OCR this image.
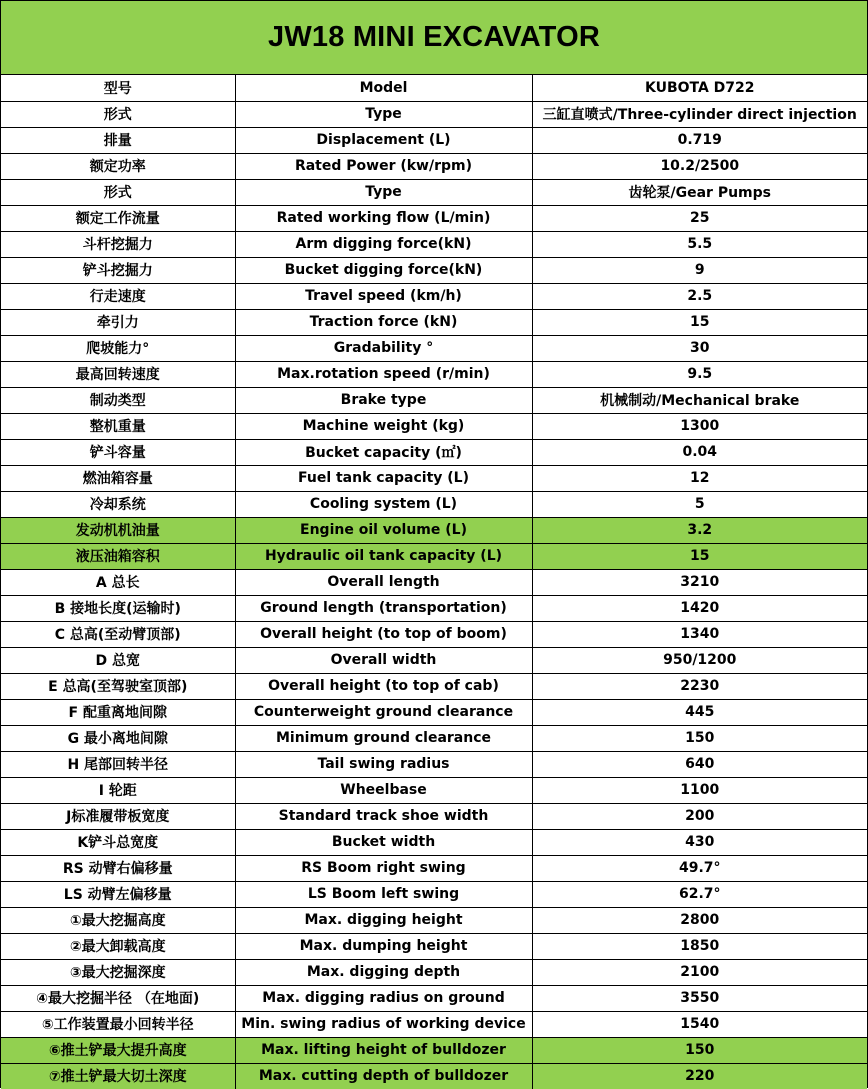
JW18 MINI EXCAVATOR
型号	Model	KUBOTA D722
形式	Type	三缸直喷式/Three-cylinder direct injection
排量	Displacement (L)	0.719
额定功率	Rated Power (kw/rpm)	10.2/2500
形式	Type	齿轮泵/Gear Pumps
额定工作流量	Rated working flow (L/min)	25
斗杆挖掘力	Arm digging force(kN)	5.5
铲斗挖掘力	Bucket digging force(kN)	9
行走速度	Travel speed (km/h)	2.5
牵引力	Traction force (kN)	15
爬坡能力°	Gradability °	30
最高回转速度	Max.rotation speed (r/min)	9.5
制动类型	Brake type	机械制动/Mechanical brake
整机重量	Machine weight (kg)	1300
铲斗容量	Bucket capacity (㎡)	0.04
燃油箱容量	Fuel tank capacity (L)	12
冷却系统	Cooling system (L)	5
发动机机油量	Engine oil volume (L)	3.2
液压油箱容积	Hydraulic oil tank capacity (L)	15
A 总长	Overall length	3210
B 接地长度(运输时)	Ground length (transportation)	1420
C 总高(至动臂顶部)	Overall height (to top of boom)	1340
D 总宽	Overall width	950/1200
E 总高(至驾驶室顶部)	Overall height (to top of cab)	2230
F 配重离地间隙	Counterweight ground clearance	445
G 最小离地间隙	Minimum ground clearance	150
H 尾部回转半径	Tail swing radius	640
I 轮距	Wheelbase	1100
J标准履带板宽度	Standard track shoe width	200
K铲斗总宽度	Bucket width	430
RS 动臂右偏移量	RS Boom right swing	49.7°
LS 动臂左偏移量	LS Boom left swing	62.7°
①最大挖掘高度	Max. digging height	2800
②最大卸载高度	Max. dumping height	1850
③最大挖掘深度	Max. digging depth	2100
④最大挖掘半径 （在地面)	Max. digging radius on ground	3550
⑤工作装置最小回转半径	Min. swing radius of working device	1540
⑥推土铲最大提升高度	Max. lifting height of bulldozer	150
⑦推土铲最大切土深度	Max. cutting depth of bulldozer	220
